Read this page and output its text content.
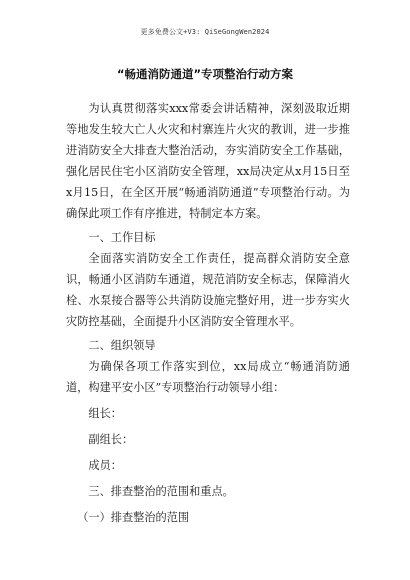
更多免费公文+V3: QiSeGongWen2024
“畅通消防通道”专项整治行动方案

为认真贯彻落实xxx常委会讲话精神，深刻汲取近期等地发生较大亡人火灾和村寨连片火灾的教训，进一步推进消防安全大排查大整治活动，夯实消防安全工作基础，强化居民住宅小区消防安全管理，xx局决定从x月15日至x月15日，在全区开展“畅通消防通道”专项整治行动。为确保此项工作有序推进，特制定本方案。

一、工作目标

全面落实消防安全工作责任，提高群众消防安全意识，畅通小区消防车通道，规范消防安全标志，保障消火栓、水泵接合器等公共消防设施完整好用，进一步夯实火灾防控基础，全面提升小区消防安全管理水平。

二、组织领导

为确保各项工作落实到位，xx局成立“畅通消防通道，构建平安小区”专项整治行动领导小组：

组长：

副组长：

成员：

三、排查整治的范围和重点。

（一）排查整治的范围
